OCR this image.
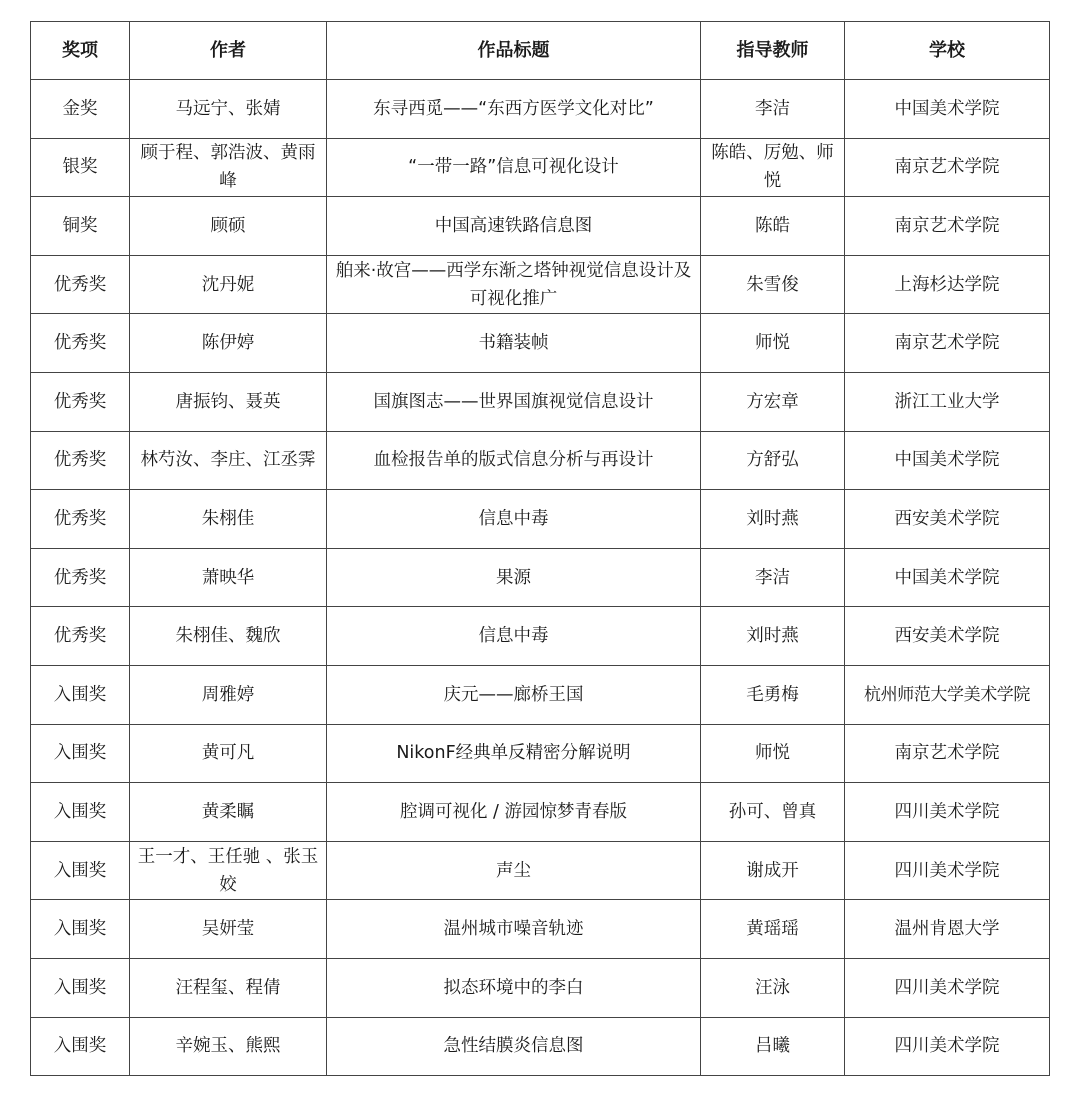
奖项	作者	作品标题	指导教师	学校
金奖	马远宁、张婧	东寻西觅——“东西方医学文化对比”	李洁	中国美术学院
银奖	顾于程、郭浩波、黄雨峰	“一带一路”信息可视化设计	陈皓、厉勉、师悦	南京艺术学院
铜奖	顾硕	中国高速铁路信息图	陈皓	南京艺术学院
优秀奖	沈丹妮	舶来·故宫——西学东渐之塔钟视觉信息设计及可视化推广	朱雪俊	上海杉达学院
优秀奖	陈伊婷	书籍装帧	师悦	南京艺术学院
优秀奖	唐振钧、聂英	国旗图志——世界国旗视觉信息设计	方宏章	浙江工业大学
优秀奖	林芍汝、李庄、江丞霁	血检报告单的版式信息分析与再设计	方舒弘	中国美术学院
优秀奖	朱栩佳	信息中毒	刘时燕	西安美术学院
优秀奖	萧映华	果源	李洁	中国美术学院
优秀奖	朱栩佳、魏欣	信息中毒	刘时燕	西安美术学院
入围奖	周雅婷	庆元——廊桥王国	毛勇梅	杭州师范大学美术学院
入围奖	黄可凡	NikonF经典单反精密分解说明	师悦	南京艺术学院
入围奖	黄柔瞩	腔调可视化 / 游园惊梦青春版	孙可、曾真	四川美术学院
入围奖	王一才、王任驰 、张玉姣	声尘	谢成开	四川美术学院
入围奖	吴妍莹	温州城市噪音轨迹	黄瑶瑶	温州肯恩大学
入围奖	汪程玺、程倩	拟态环境中的李白	汪泳	四川美术学院
入围奖	辛婉玉、熊熙	急性结膜炎信息图	吕曦	四川美术学院
